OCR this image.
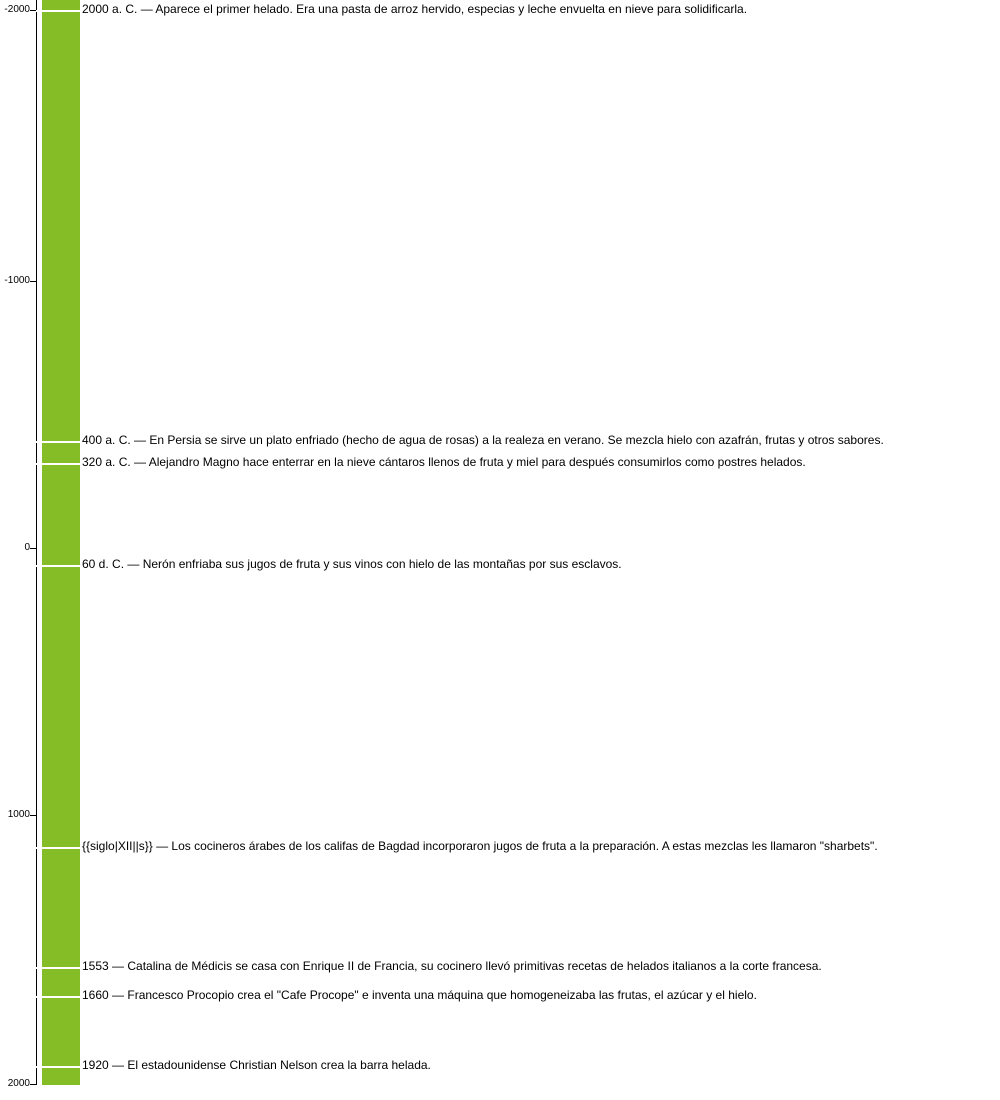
-2000
-1000
0
1000
2000
2000 a. C. — Aparece el primer helado. Era una pasta de arroz hervido, especias y leche envuelta en nieve para solidificarla.
400 a. C. — En Persia se sirve un plato enfriado (hecho de agua de rosas) a la realeza en verano. Se mezcla hielo con azafrán, frutas y otros sabores.
320 a. C. — Alejandro Magno hace enterrar en la nieve cántaros llenos de fruta y miel para después consumirlos como postres helados.
60 d. C. — Nerón enfriaba sus jugos de fruta y sus vinos con hielo de las montañas por sus esclavos.
{{siglo|XII||s}} — Los cocineros árabes de los califas de Bagdad incorporaron jugos de fruta a la preparación. A estas mezclas les llamaron "sharbets".
1553 — Catalina de Médicis se casa con Enrique II de Francia, su cocinero llevó primitivas recetas de helados italianos a la corte francesa.
1660 — Francesco Procopio crea el "Cafe Procope" e inventa una máquina que homogeneizaba las frutas, el azúcar y el hielo.
1920 — El estadounidense Christian Nelson crea la barra helada.
